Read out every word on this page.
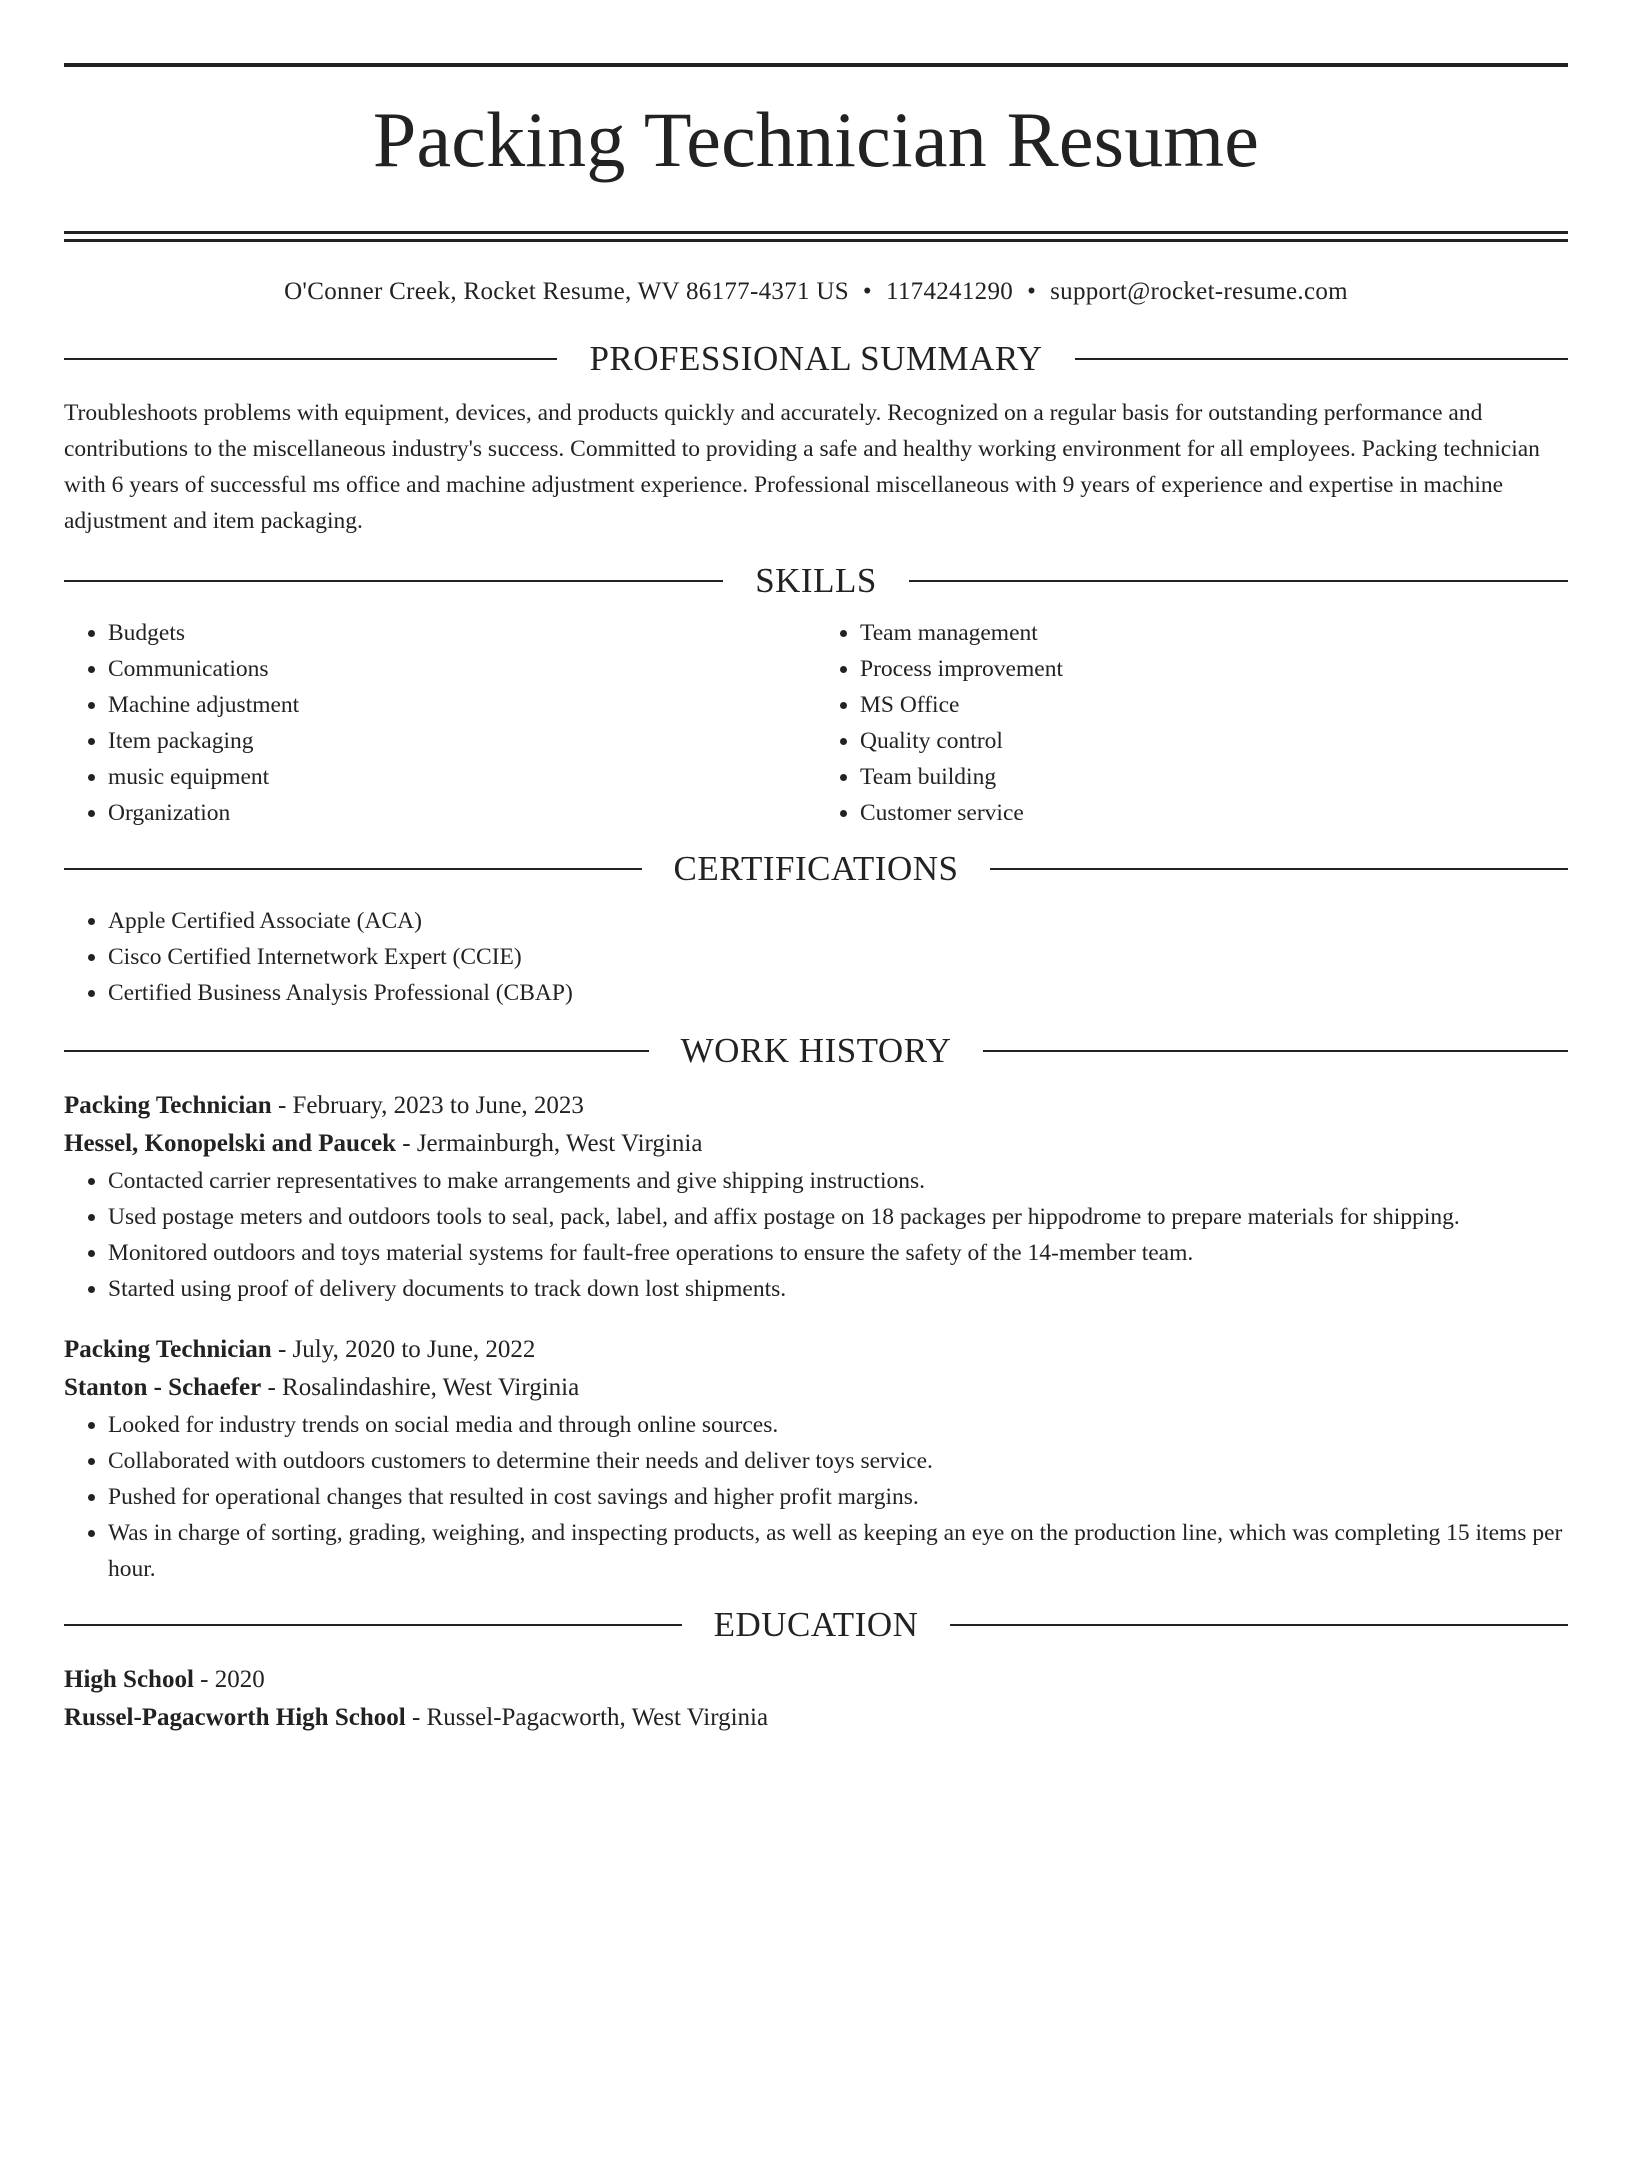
Packing Technician Resume
O'Conner Creek, Rocket Resume, WV 86177-4371 US • 1174241290 • support@rocket-resume.com
PROFESSIONAL SUMMARY

Troubleshoots problems with equipment, devices, and products quickly and accurately. Recognized on a regular basis for outstanding performance and contributions to the miscellaneous industry's success. Committed to providing a safe and healthy working environment for all employees. Packing technician with 6 years of successful ms office and machine adjustment experience. Professional miscellaneous with 9 years of experience and expertise in machine adjustment and item packaging.

SKILLS
• Budgets
• Communications
• Machine adjustment
• Item packaging
• music equipment
• Organization
• Team management
• Process improvement
• MS Office
• Quality control
• Team building
• Customer service
CERTIFICATIONS
• Apple Certified Associate (ACA)
• Cisco Certified Internetwork Expert (CCIE)
• Certified Business Analysis Professional (CBAP)
WORK HISTORY
Packing Technician - February, 2023 to June, 2023
Hessel, Konopelski and Paucek - Jermainburgh, West Virginia
• Contacted carrier representatives to make arrangements and give shipping instructions.
• Used postage meters and outdoors tools to seal, pack, label, and affix postage on 18 packages per hippodrome to prepare materials for shipping.
• Monitored outdoors and toys material systems for fault-free operations to ensure the safety of the 14-member team.
• Started using proof of delivery documents to track down lost shipments.
Packing Technician - July, 2020 to June, 2022
Stanton - Schaefer - Rosalindashire, West Virginia
• Looked for industry trends on social media and through online sources.
• Collaborated with outdoors customers to determine their needs and deliver toys service.
• Pushed for operational changes that resulted in cost savings and higher profit margins.
• Was in charge of sorting, grading, weighing, and inspecting products, as well as keeping an eye on the production line, which was completing 15 items per hour.
EDUCATION
High School - 2020
Russel-Pagacworth High School - Russel-Pagacworth, West Virginia
